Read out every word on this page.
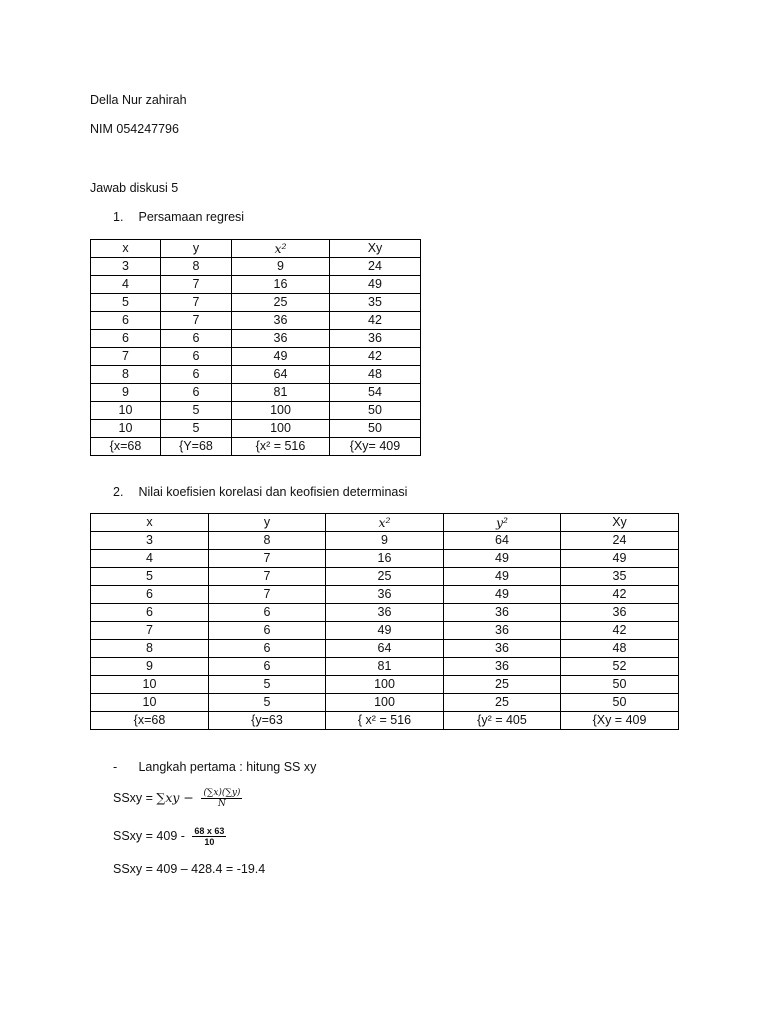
Della Nur zahirah
NIM 054247796
Jawab diskusi 5
1. Persamaan regresi
x	y	x²	Xy
3	8	9	24
4	7	16	49
5	7	25	35
6	7	36	42
6	6	36	36
7	6	49	42
8	6	64	48
9	6	81	54
10	5	100	50
10	5	100	50
{x=68	{Y=68	{x² = 516	{Xy= 409
2. Nilai koefisien korelasi dan keofisien determinasi
x	y	x²	y²	Xy
3	8	9	64	24
4	7	16	49	49
5	7	25	49	35
6	7	36	49	42
6	6	36	36	36
7	6	49	36	42
8	6	64	36	48
9	6	81	36	52
10	5	100	25	50
10	5	100	25	50
{x=68	{y=63	{ x² = 516	{y² = 405	{Xy = 409
- Langkah pertama : hitung SS xy
SSxy = $\sum xy - \frac{(\sum x)(\sum y)}{N}$
SSxy = $409 - \frac{68 x 63}{10}$
SSxy = 409 – 428.4 = -19.4
